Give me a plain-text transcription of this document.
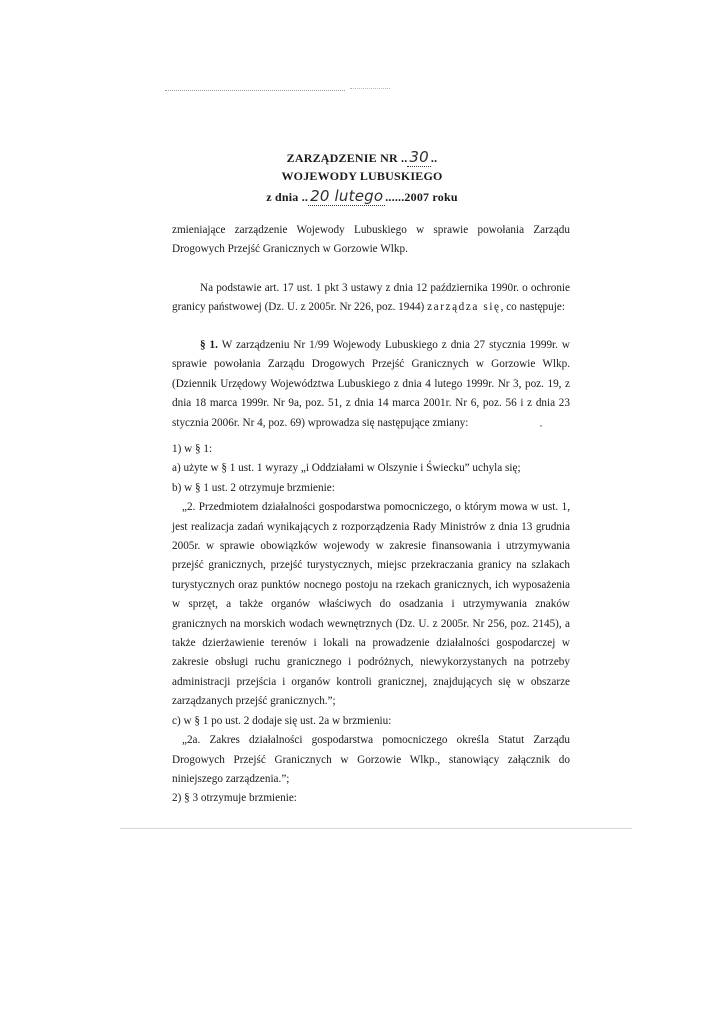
ZARZĄDZENIE NR .. 30 ..
WOJEWODY LUBUSKIEGO
z dnia .. 20 lutego ......2007 roku

zmieniające zarządzenie Wojewody Lubuskiego w sprawie powołania Zarządu Drogowych Przejść Granicznych w Gorzowie Wlkp.

Na podstawie art. 17 ust. 1 pkt 3 ustawy z dnia 12 października 1990r. o ochronie granicy państwowej (Dz. U. z 2005r. Nr 226, poz. 1944) zarządza się, co następuje:

§ 1. W zarządzeniu Nr 1/99 Wojewody Lubuskiego z dnia 27 stycznia 1999r. w sprawie powołania Zarządu Drogowych Przejść Granicznych w Gorzowie Wlkp. (Dziennik Urzędowy Województwa Lubuskiego z dnia 4 lutego 1999r. Nr 3, poz. 19, z dnia 18 marca 1999r. Nr 9a, poz. 51, z dnia 14 marca 2001r. Nr 6, poz. 56 i z dnia 23 stycznia 2006r. Nr 4, poz. 69) wprowadza się następujące zmiany:

1) w § 1:

a) użyte w § 1 ust. 1 wyrazy „i Oddziałami w Olszynie i Świecku” uchyla się;

b) w § 1 ust. 2 otrzymuje brzmienie:

„2. Przedmiotem działalności gospodarstwa pomocniczego, o którym mowa w ust. 1, jest realizacja zadań wynikających z rozporządzenia Rady Ministrów z dnia 13 grudnia 2005r. w sprawie obowiązków wojewody w zakresie finansowania i utrzymywania przejść granicznych, przejść turystycznych, miejsc przekraczania granicy na szlakach turystycznych oraz punktów nocnego postoju na rzekach granicznych, ich wyposażenia w sprzęt, a także organów właściwych do osadzania i utrzymywania znaków granicznych na morskich wodach wewnętrznych (Dz. U. z 2005r. Nr 256, poz. 2145), a także dzierżawienie terenów i lokali na prowadzenie działalności gospodarczej w zakresie obsługi ruchu granicznego i podróżnych, niewykorzystanych na potrzeby administracji przejścia i organów kontroli granicznej, znajdujących się w obszarze zarządzanych przejść granicznych.”;

c) w § 1 po ust. 2 dodaje się ust. 2a w brzmieniu:

„2a. Zakres działalności gospodarstwa pomocniczego określa Statut Zarządu Drogowych Przejść Granicznych w Gorzowie Wlkp., stanowiący załącznik do niniejszego zarządzenia.”;

2) § 3 otrzymuje brzmienie:
